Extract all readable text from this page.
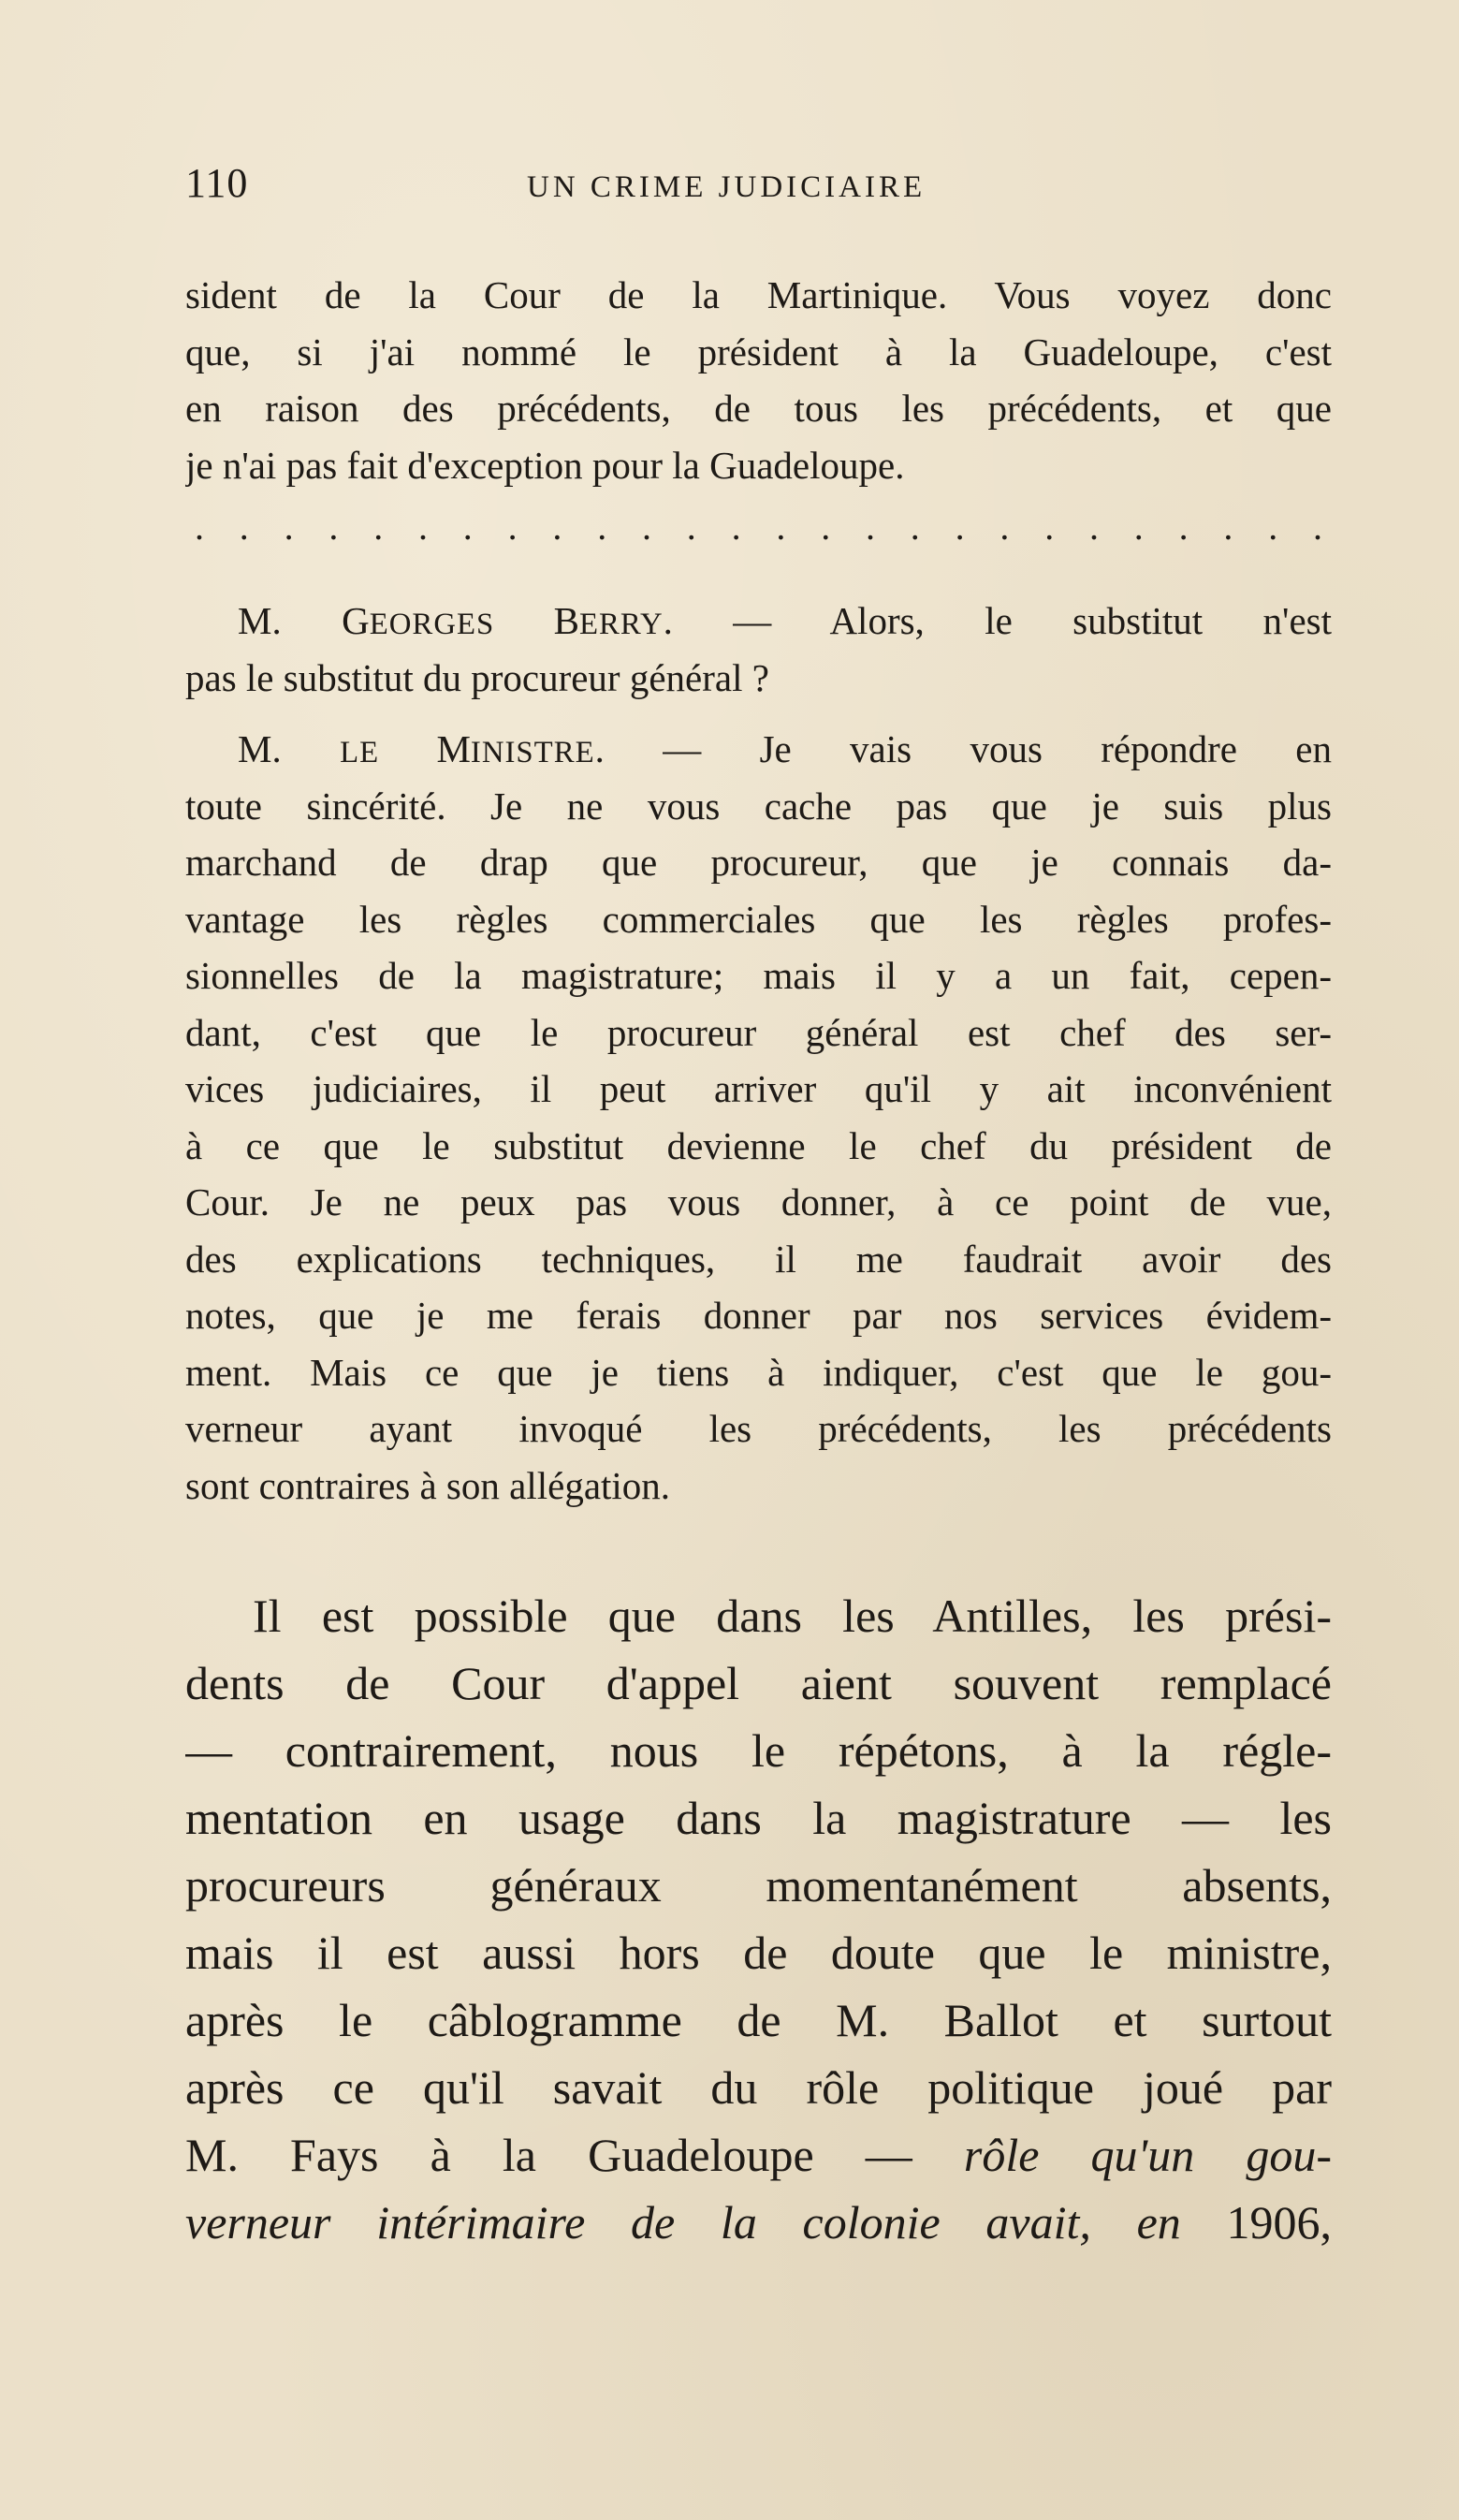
110	UN CRIME JUDICIAIRE
sident de la Cour de la Martinique. Vous voyez donc
que, si j'ai nommé le président à la Guadeloupe, c'est
en raison des précédents, de tous les précédents, et que
je n'ai pas fait d'exception pour la Guadeloupe.
. . . . . . . . . . . . . . . . . . . . . . . . . .
M. GEORGES BERRY. — Alors, le substitut n'est
pas le substitut du procureur général ?
M. LE MINISTRE. — Je vais vous répondre en
toute sincérité. Je ne vous cache pas que je suis plus
marchand de drap que procureur, que je connais da-
vantage les règles commerciales que les règles profes-
sionnelles de la magistrature; mais il y a un fait, cepen-
dant, c'est que le procureur général est chef des ser-
vices judiciaires, il peut arriver qu'il y ait inconvénient
à ce que le substitut devienne le chef du président de
Cour. Je ne peux pas vous donner, à ce point de vue,
des explications techniques, il me faudrait avoir des
notes, que je me ferais donner par nos services évidem-
ment. Mais ce que je tiens à indiquer, c'est que le gou-
verneur ayant invoqué les précédents, les précédents
sont contraires à son allégation.
Il est possible que dans les Antilles, les prési-
dents de Cour d'appel aient souvent remplacé
— contrairement, nous le répétons, à la régle-
mentation en usage dans la magistrature — les
procureurs généraux momentanément absents,
mais il est aussi hors de doute que le ministre,
après le câblogramme de M. Ballot et surtout
après ce qu'il savait du rôle politique joué par
M. Fays à la Guadeloupe — rôle qu'un gou-
verneur intérimaire de la colonie avait, en 1906,
